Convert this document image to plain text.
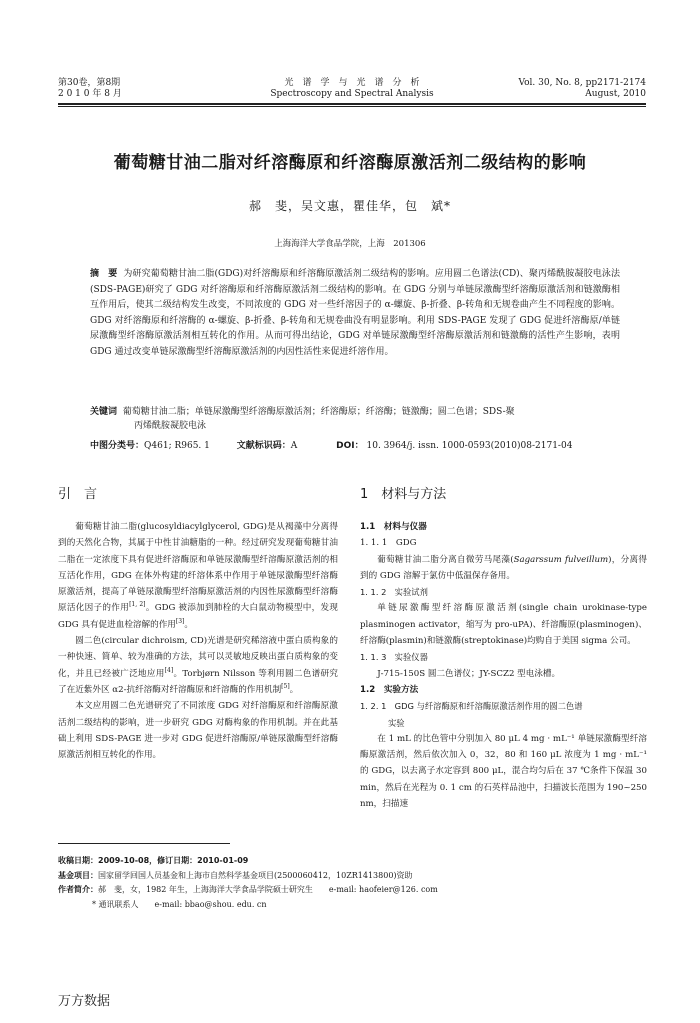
第30卷，第8期
2 0 1 0 年 8 月
光　谱　学　与　光　谱　分　析
Spectroscopy and Spectral Analysis
Vol. 30, No. 8, pp2171-2174
August, 2010
葡萄糖甘油二脂对纤溶酶原和纤溶酶原激活剂二级结构的影响
郝　斐，吴文惠，瞿佳华，包　斌*
上海海洋大学食品学院，上海　201306
摘　要 为研究葡萄糖甘油二脂(GDG)对纤溶酶原和纤溶酶原激活剂二级结构的影响。应用圆二色谱法(CD)、聚丙烯酰胺凝胶电泳法(SDS-PAGE)研究了 GDG 对纤溶酶原和纤溶酶原激活剂二级结构的影响。在 GDG 分别与单链尿激酶型纤溶酶原激活剂和链激酶相互作用后，使其二级结构发生改变，不同浓度的 GDG 对一些纤溶因子的 α-螺旋、β-折叠、β-转角和无规卷曲产生不同程度的影响。GDG 对纤溶酶原和纤溶酶的 α-螺旋、β-折叠、β-转角和无规卷曲没有明显影响。利用 SDS-PAGE 发现了 GDG 促进纤溶酶原/单链尿激酶型纤溶酶原激活剂相互转化的作用。从而可得出结论，GDG 对单链尿激酶型纤溶酶原激活剂和链激酶的活性产生影响，表明 GDG 通过改变单链尿激酶型纤溶酶原激活剂的内因性活性来促进纤溶作用。
关键词 葡萄糖甘油二脂；单链尿激酶型纤溶酶原激活剂；纤溶酶原；纤溶酶；链激酶；圆二色谱；SDS-聚
丙烯酰胺凝胶电泳
中图分类号：Q461; R965. 1	文献标识码：A	DOI： 10. 3964/j. issn. 1000-0593(2010)08-2171-04
引　言

葡萄糖甘油二脂(glucosyldiacylglycerol, GDG)是从褐藻中分离得到的天然化合物，其属于中性甘油糖脂的一种。经过研究发现葡萄糖甘油二脂在一定浓度下具有促进纤溶酶原和单链尿激酶型纤溶酶原激活剂的相互活化作用，GDG 在体外构建的纤溶体系中作用于单链尿激酶型纤溶酶原激活剂，提高了单链尿激酶型纤溶酶原激活剂的内因性尿激酶型纤溶酶原活化因子的作用[1, 2]。GDG 被添加到肺栓的大白鼠动物模型中，发现 GDG 具有促进血栓溶解的作用[3]。

圆二色(circular dichroism, CD)光谱是研究稀溶液中蛋白质构象的一种快速、简单、较为准确的方法，其可以灵敏地反映出蛋白质构象的变化，并且已经被广泛地应用[4]。Torbjørn Nilsson 等利用圆二色谱研究了在近紫外区 α2-抗纤溶酶对纤溶酶原和纤溶酶的作用机制[5]。

本文应用圆二色光谱研究了不同浓度 GDG 对纤溶酶原和纤溶酶原激活剂二级结构的影响，进一步研究 GDG 对酶构象的作用机制。并在此基础上利用 SDS-PAGE 进一步对 GDG 促进纤溶酶原/单链尿激酶型纤溶酶原激活剂相互转化的作用。

1　材料与方法
1.1　材料与仪器
1. 1. 1　GDG

葡萄糖甘油二脂分离自微劳马尾藻(Sagarssum fulveillum)，分离得到的 GDG 溶解于氯仿中低温保存备用。

1. 1. 2　实验试剂

单链尿激酶型纤溶酶原激活剂(single chain urokinase-type plasminogen activator，缩写为 pro-uPA)、纤溶酶原(plasminogen)、纤溶酶(plasmin)和链激酶(streptokinase)均购自于美国 sigma 公司。

1. 1. 3　实验仪器

J-715-150S 圆二色谱仪；JY-SCZ2 型电泳槽。

1.2　实验方法
1. 2. 1　GDG 与纤溶酶原和纤溶酶原激活剂作用的圆二色谱
实验

在 1 mL 的比色管中分别加入 80 μL 4 mg · mL⁻¹ 单链尿激酶型纤溶酶原激活剂，然后依次加入 0，32，80 和 160 μL 浓度为 1 mg · mL⁻¹ 的 GDG，以去离子水定容到 800 μL，混合均匀后在 37 ℃条件下保温 30 min，然后在光程为 0. 1 cm 的石英样品池中，扫描波长范围为 190~250 nm，扫描速

收稿日期：2009-10-08，修订日期：2010-01-09
基金项目：国家留学回国人员基金和上海市自然科学基金项目(2500060412，10ZR1413800)资助
作者简介：郝　斐，女，1982 年生，上海海洋大学食品学院硕士研究生　　e-mail: haofeier@126. com
* 通讯联系人　　e-mail: bbao@shou. edu. cn
万方数据
